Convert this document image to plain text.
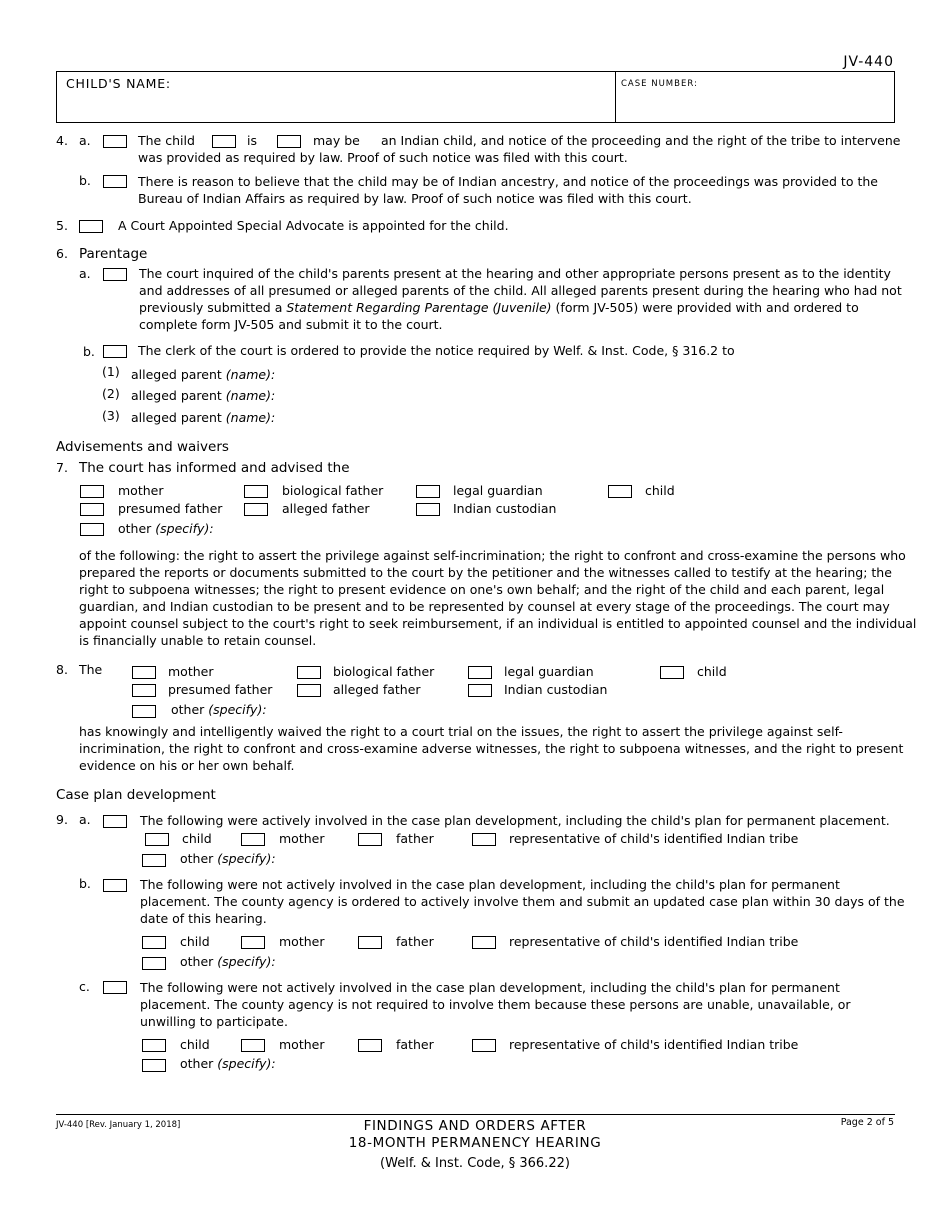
JV-440
CHILD'S NAME:	CASE NUMBER:
4. a.	The child	is	may be an Indian child, and notice of the proceeding and the right of the tribe to intervene
was provided as required by law. Proof of such notice was filed with this court.
b.	There is reason to believe that the child may be of Indian ancestry, and notice of the proceedings was provided to the
Bureau of Indian Affairs as required by law. Proof of such notice was filed with this court.
5.	A Court Appointed Special Advocate is appointed for the child.
6. Parentage
a.	The court inquired of the child's parents present at the hearing and other appropriate persons present as to the identity
and addresses of all presumed or alleged parents of the child. All alleged parents present during the hearing who had not
previously submitted a Statement Regarding Parentage (Juvenile) (form JV-505) were provided with and ordered to
complete form JV-505 and submit it to the court.
b.	The clerk of the court is ordered to provide the notice required by Welf. & Inst. Code, § 316.2 to
(1) alleged parent (name):
(2) alleged parent (name):
(3) alleged parent (name):
Advisements and waivers
7. The court has informed and advised the
mother	biological father	legal guardian	child
presumed father	alleged father	Indian custodian
other (specify):
of the following: the right to assert the privilege against self-incrimination; the right to confront and cross-examine the persons who
prepared the reports or documents submitted to the court by the petitioner and the witnesses called to testify at the hearing; the
right to subpoena witnesses; the right to present evidence on one's own behalf; and the right of the child and each parent, legal
guardian, and Indian custodian to be present and to be represented by counsel at every stage of the proceedings. The court may
appoint counsel subject to the court's right to seek reimbursement, if an individual is entitled to appointed counsel and the individual
is financially unable to retain counsel.
8. The	mother	biological father	legal guardian	child
presumed father	alleged father	Indian custodian
other (specify):
has knowingly and intelligently waived the right to a court trial on the issues, the right to assert the privilege against self-
incrimination, the right to confront and cross-examine adverse witnesses, the right to subpoena witnesses, and the right to present
evidence on his or her own behalf.
Case plan development
9. a.	The following were actively involved in the case plan development, including the child's plan for permanent placement.
child	mother	father	representative of child's identified Indian tribe
other (specify):
b.	The following were not actively involved in the case plan development, including the child's plan for permanent
placement. The county agency is ordered to actively involve them and submit an updated case plan within 30 days of the
date of this hearing.
child	mother	father	representative of child's identified Indian tribe
other (specify):
c.	The following were not actively involved in the case plan development, including the child's plan for permanent
placement. The county agency is not required to involve them because these persons are unable, unavailable, or
unwilling to participate.
child	mother	father	representative of child's identified Indian tribe
other (specify):
JV-440 [Rev. January 1, 2018]	FINDINGS AND ORDERS AFTER
18-MONTH PERMANENCY HEARING
(Welf. & Inst. Code, § 366.22)
Page 2 of 5
